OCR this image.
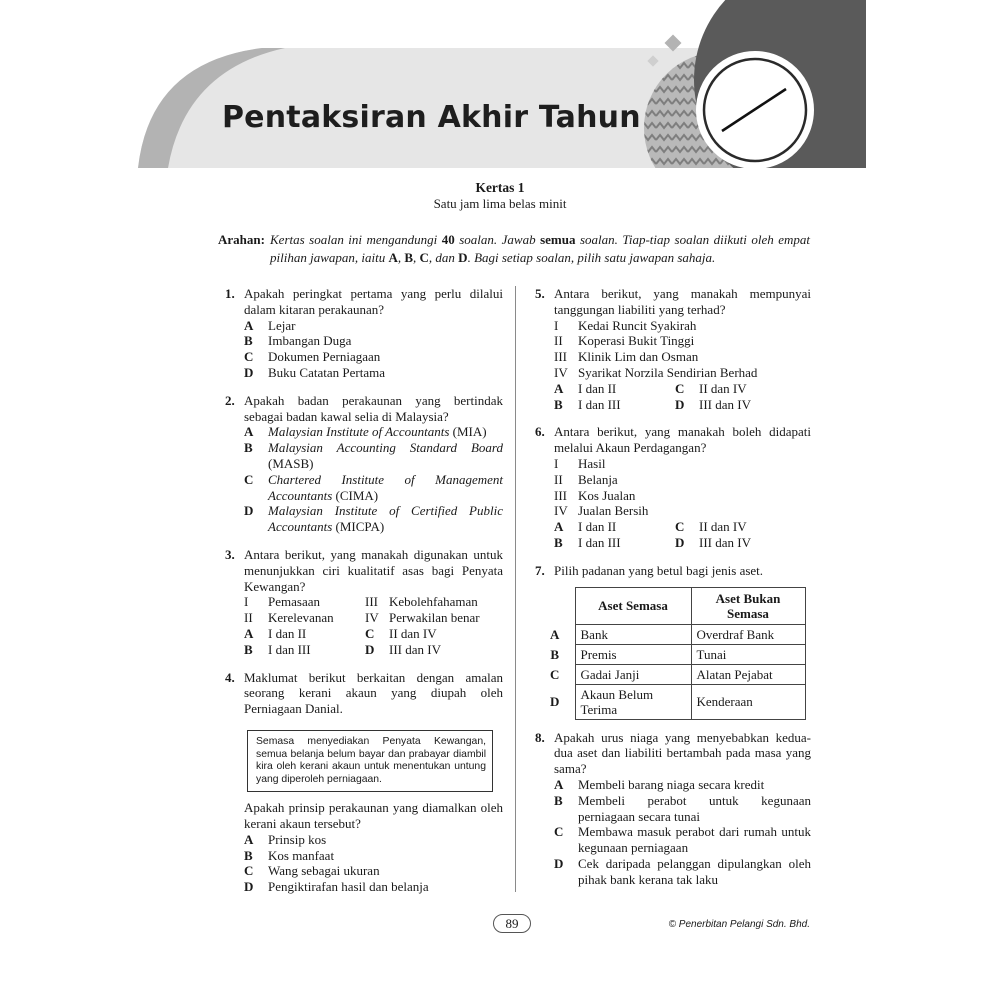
Pentaksiran Akhir Tahun
Kertas 1
Satu jam lima belas minit
Arahan: Kertas soalan ini mengandungi 40 soalan. Jawab semua soalan. Tiap-tiap soalan diikuti oleh empat pilihan jawapan, iaitu A, B, C, dan D. Bagi setiap soalan, pilih satu jawapan sahaja.
1. Apakah peringkat pertama yang perlu dilalui dalam kitaran perakaunan?
A Lejar
B Imbangan Duga
C Dokumen Perniagaan
D Buku Catatan Pertama
2. Apakah badan perakaunan yang bertindak sebagai badan kawal selia di Malaysia?
A Malaysian Institute of Accountants (MIA)
B Malaysian Accounting Standard Board (MASB)
C Chartered Institute of Management Accountants (CIMA)
D Malaysian Institute of Certified Public Accountants (MICPA)
3. Antara berikut, yang manakah digunakan untuk menunjukkan ciri kualitatif asas bagi Penyata Kewangan?
I Pemasaan	III Kebolehfahaman
II Kerelevanan	IV Perwakilan benar
A I dan II	C II dan IV
B I dan III	D III dan IV
4. Maklumat berikut berkaitan dengan amalan seorang kerani akaun yang diupah oleh Perniagaan Danial.
Semasa menyediakan Penyata Kewangan, semua belanja belum bayar dan prabayar diambil kira oleh kerani akaun untuk menentukan untung yang diperoleh perniagaan.
Apakah prinsip perakaunan yang diamalkan oleh kerani akaun tersebut?
A Prinsip kos
B Kos manfaat
C Wang sebagai ukuran
D Pengiktirafan hasil dan belanja
5. Antara berikut, yang manakah mempunyai tanggungan liabiliti yang terhad?
I Kedai Runcit Syakirah
II Koperasi Bukit Tinggi
III Klinik Lim dan Osman
IV Syarikat Norzila Sendirian Berhad
A I dan II	C II dan IV
B I dan III	D III dan IV
6. Antara berikut, yang manakah boleh didapati melalui Akaun Perdagangan?
I Hasil
II Belanja
III Kos Jualan
IV Jualan Bersih
A I dan II	C II dan IV
B I dan III	D III dan IV
7. Pilih padanan yang betul bagi jenis aset.
	Aset Semasa	Aset Bukan Semasa
A	Bank	Overdraf Bank
B	Premis	Tunai
C	Gadai Janji	Alatan Pejabat
D	Akaun Belum Terima	Kenderaan
8. Apakah urus niaga yang menyebabkan kedua-dua aset dan liabiliti bertambah pada masa yang sama?
A Membeli barang niaga secara kredit
B Membeli perabot untuk kegunaan perniagaan secara tunai
C Membawa masuk perabot dari rumah untuk kegunaan perniagaan
D Cek daripada pelanggan dipulangkan oleh pihak bank kerana tak laku
89	© Penerbitan Pelangi Sdn. Bhd.
